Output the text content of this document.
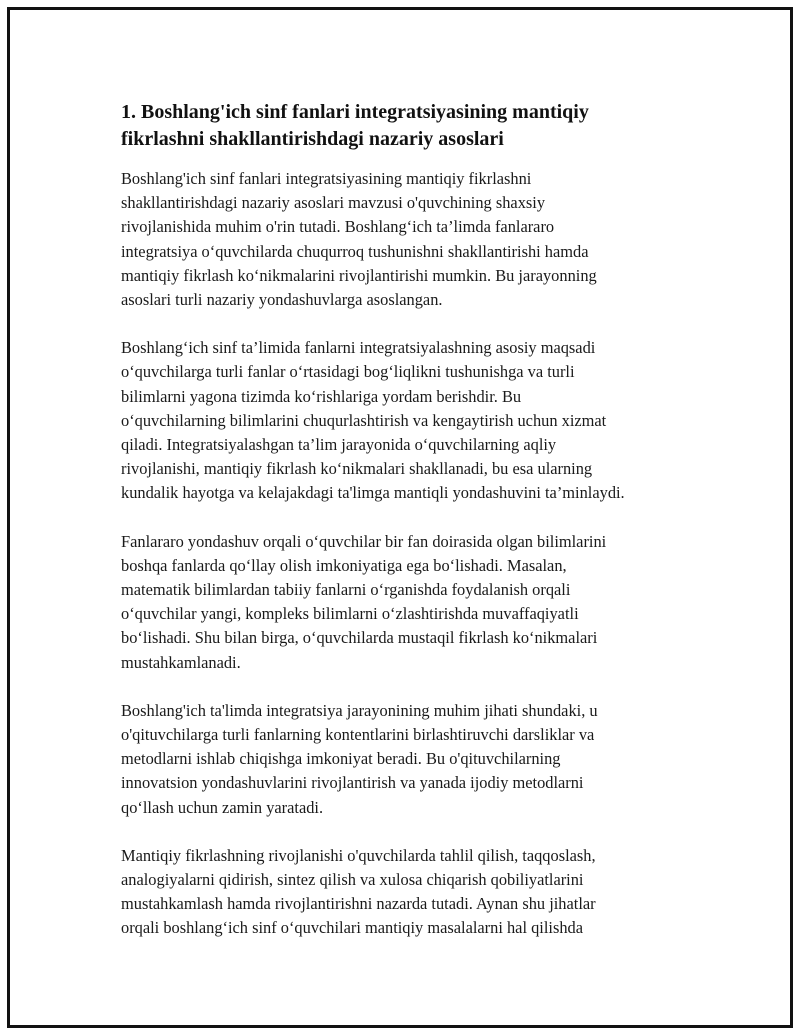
1. Boshlang'ich sinf fanlari integratsiyasining mantiqiy
fikrlashni shakllantirishdagi nazariy asoslari

Boshlang'ich sinf fanlari integratsiyasining mantiqiy fikrlashni
shakllantirishdagi nazariy asoslari mavzusi o'quvchining shaxsiy
rivojlanishida muhim o'rin tutadi. Boshlang‘ich ta’limda fanlararo
integratsiya o‘quvchilarda chuqurroq tushunishni shakllantirishi hamda
mantiqiy fikrlash ko‘nikmalarini rivojlantirishi mumkin. Bu jarayonning
asoslari turli nazariy yondashuvlarga asoslangan.

Boshlang‘ich sinf ta’limida fanlarni integratsiyalashning asosiy maqsadi
o‘quvchilarga turli fanlar o‘rtasidagi bog‘liqlikni tushunishga va turli
bilimlarni yagona tizimda ko‘rishlariga yordam berishdir. Bu
o‘quvchilarning bilimlarini chuqurlashtirish va kengaytirish uchun xizmat
qiladi. Integratsiyalashgan ta’lim jarayonida o‘quvchilarning aqliy
rivojlanishi, mantiqiy fikrlash ko‘nikmalari shakllanadi, bu esa ularning
kundalik hayotga va kelajakdagi ta'limga mantiqli yondashuvini ta’minlaydi.

Fanlararo yondashuv orqali o‘quvchilar bir fan doirasida olgan bilimlarini
boshqa fanlarda qo‘llay olish imkoniyatiga ega bo‘lishadi. Masalan,
matematik bilimlardan tabiiy fanlarni o‘rganishda foydalanish orqali
o‘quvchilar yangi, kompleks bilimlarni o‘zlashtirishda muvaffaqiyatli
bo‘lishadi. Shu bilan birga, o‘quvchilarda mustaqil fikrlash ko‘nikmalari
mustahkamlanadi.

Boshlang'ich ta'limda integratsiya jarayonining muhim jihati shundaki, u
o'qituvchilarga turli fanlarning kontentlarini birlashtiruvchi darsliklar va
metodlarni ishlab chiqishga imkoniyat beradi. Bu o'qituvchilarning
innovatsion yondashuvlarini rivojlantirish va yanada ijodiy metodlarni
qo‘llash uchun zamin yaratadi.

Mantiqiy fikrlashning rivojlanishi o'quvchilarda tahlil qilish, taqqoslash,
analogiyalarni qidirish, sintez qilish va xulosa chiqarish qobiliyatlarini
mustahkamlash hamda rivojlantirishni nazarda tutadi. Aynan shu jihatlar
orqali boshlang‘ich sinf o‘quvchilari mantiqiy masalalarni hal qilishda
